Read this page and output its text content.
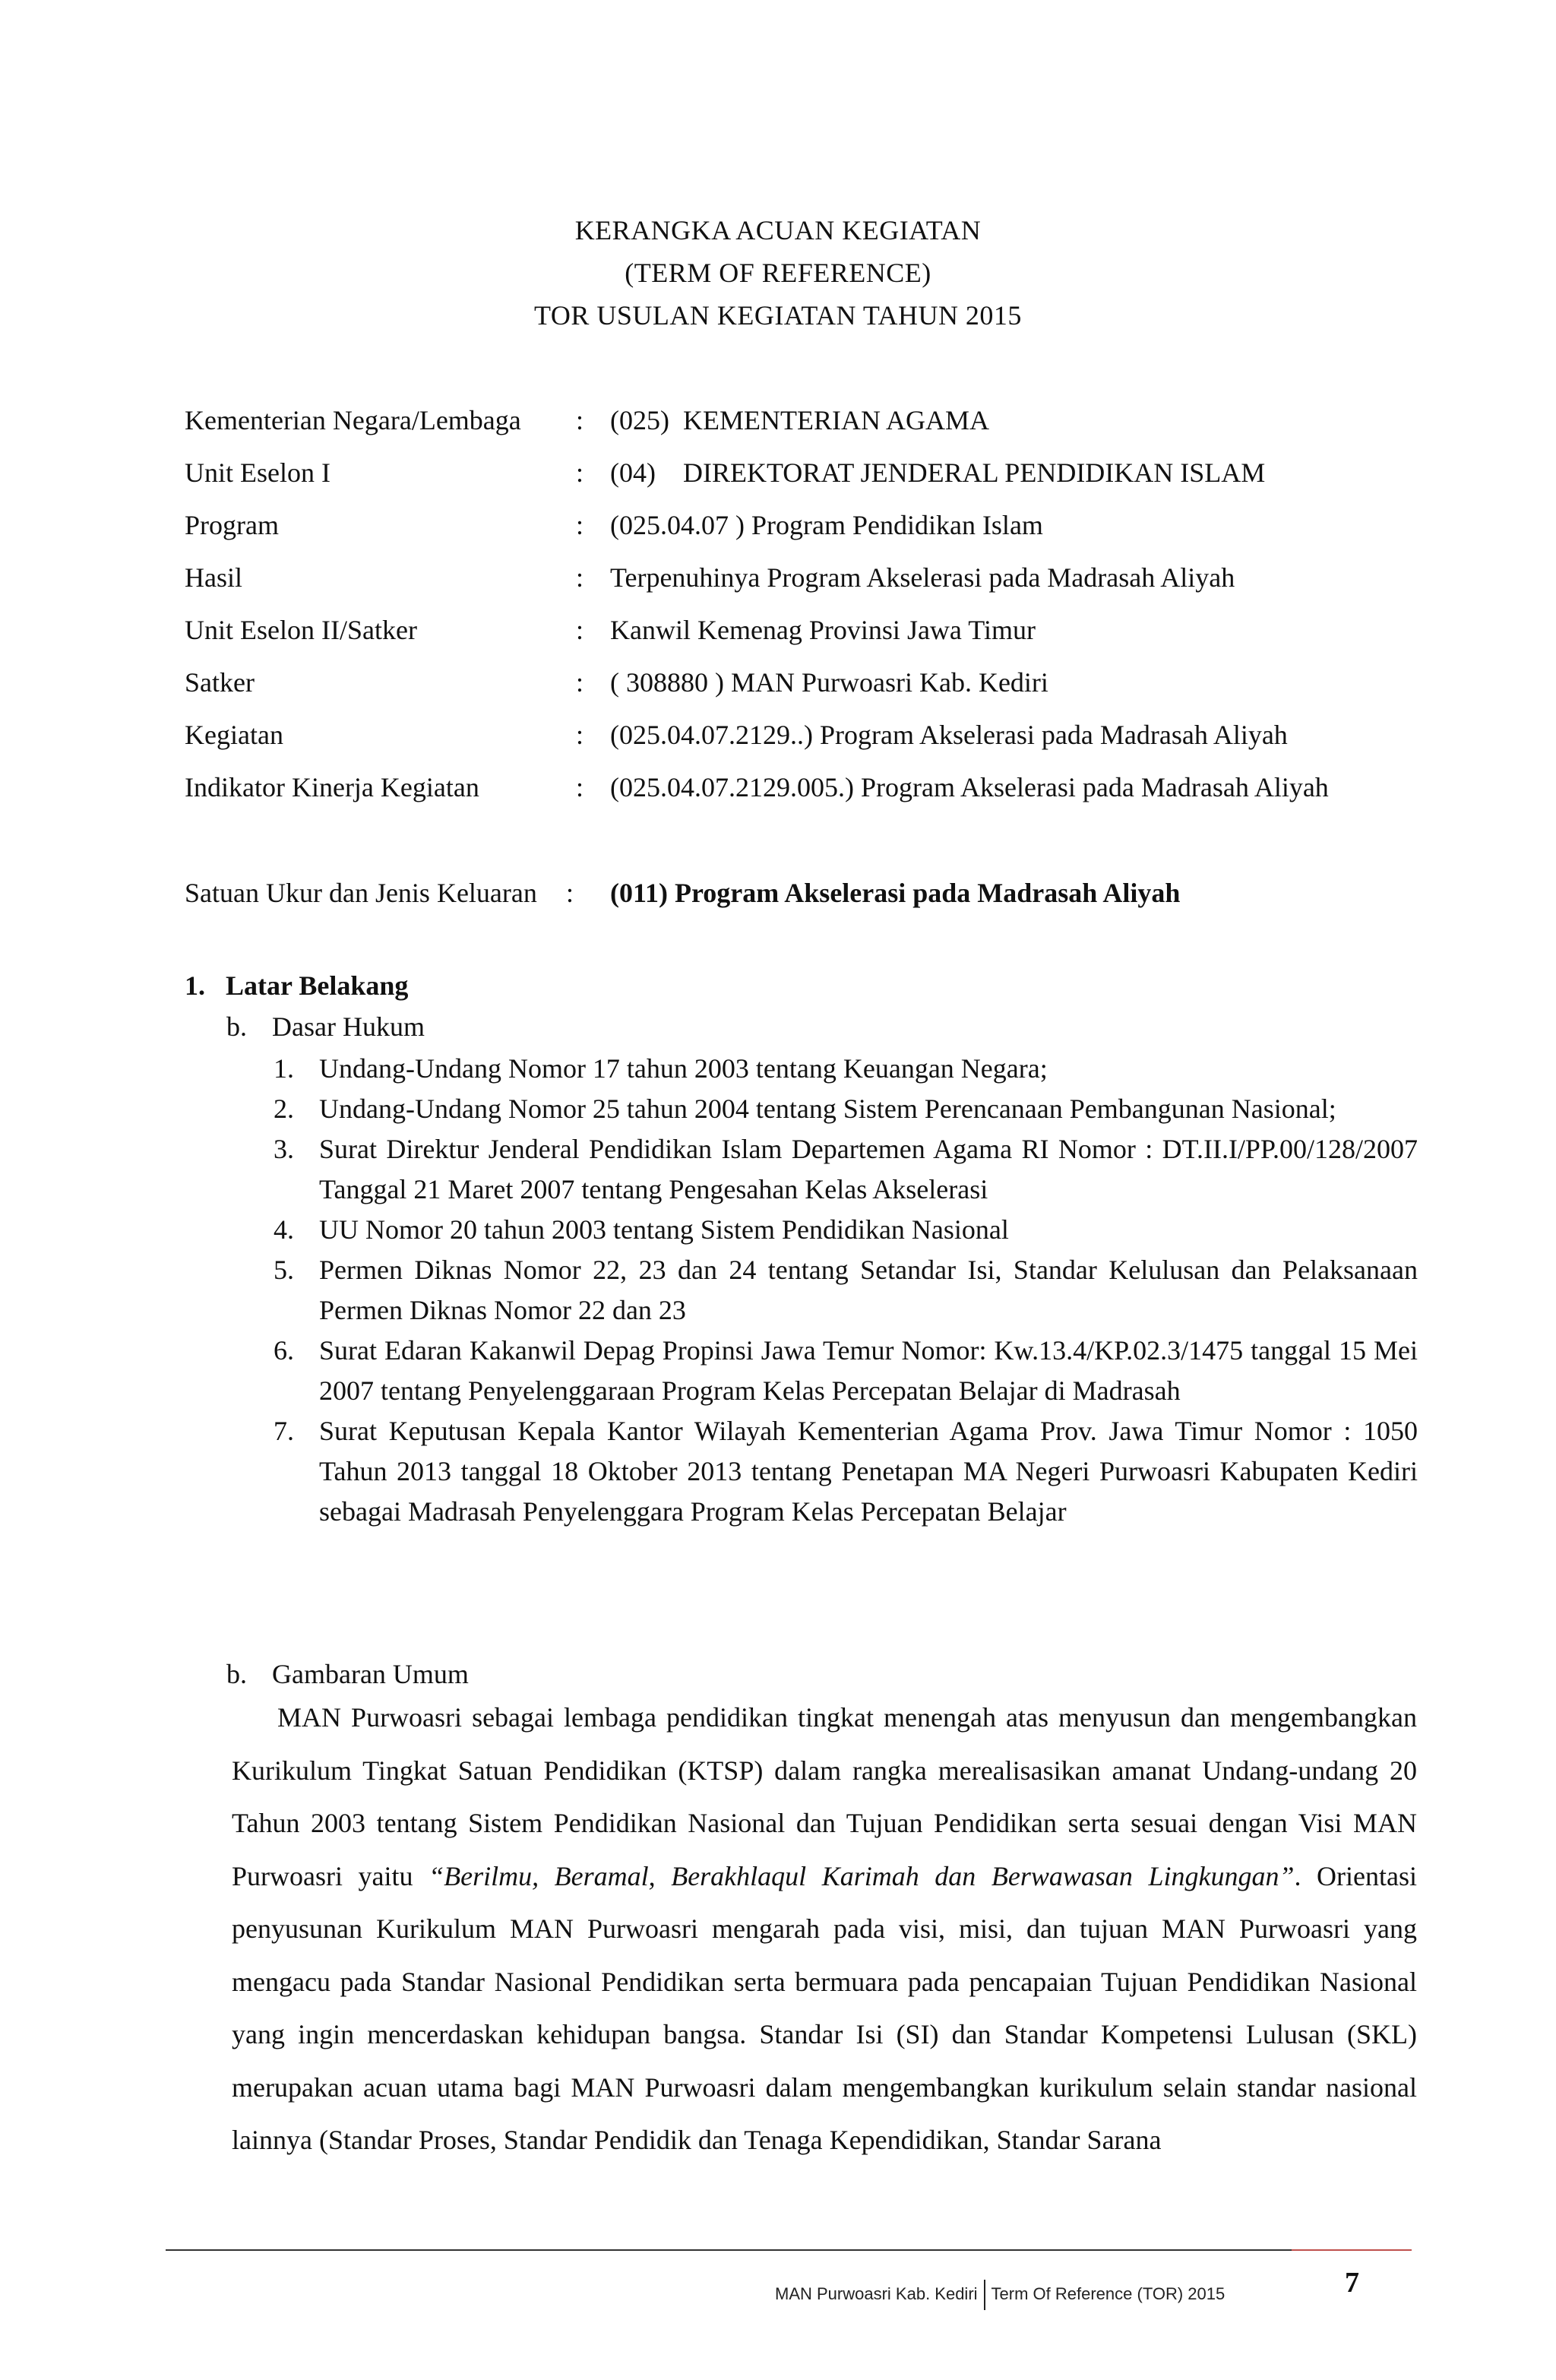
KERANGKA ACUAN KEGIATAN
(TERM OF REFERENCE)
TOR USULAN KEGIATAN TAHUN 2015
Kementerian Negara/Lembaga : (025)  KEMENTERIAN AGAMA
Unit Eselon I	: (04)    DIREKTORAT JENDERAL PENDIDIKAN ISLAM
Program	: (025.04.07 ) Program Pendidikan Islam
Hasil	: Terpenuhinya Program Akselerasi pada Madrasah Aliyah
Unit Eselon II/Satker	: Kanwil Kemenag Provinsi Jawa Timur
Satker	: ( 308880 ) MAN Purwoasri Kab. Kediri
Kegiatan	: (025.04.07.2129..) Program Akselerasi pada Madrasah Aliyah
Indikator Kinerja Kegiatan	: (025.04.07.2129.005.) Program Akselerasi pada Madrasah Aliyah
Satuan Ukur dan Jenis Keluaran : (011) Program Akselerasi pada Madrasah Aliyah
1. Latar Belakang
b. Dasar Hukum
1. Undang-Undang Nomor 17 tahun 2003 tentang Keuangan Negara;
2. Undang-Undang Nomor 25 tahun 2004 tentang Sistem Perencanaan Pembangunan Nasional;
3. Surat Direktur Jenderal Pendidikan Islam Departemen Agama RI Nomor : DT.II.I/PP.00/128/2007 Tanggal 21 Maret 2007 tentang Pengesahan Kelas Akselerasi
4. UU Nomor 20 tahun 2003 tentang Sistem Pendidikan Nasional
5. Permen Diknas Nomor 22, 23 dan 24 tentang Setandar Isi, Standar Kelulusan dan Pelaksanaan Permen Diknas Nomor 22 dan 23
6. Surat Edaran Kakanwil Depag Propinsi Jawa Temur Nomor: Kw.13.4/KP.02.3/1475 tanggal 15 Mei 2007 tentang Penyelenggaraan Program Kelas Percepatan Belajar di Madrasah
7. Surat Keputusan Kepala Kantor Wilayah Kementerian Agama Prov. Jawa Timur Nomor : 1050 Tahun 2013 tanggal 18 Oktober 2013 tentang Penetapan MA Negeri Purwoasri Kabupaten Kediri sebagai Madrasah Penyelenggara Program Kelas Percepatan Belajar
b. Gambaran Umum

MAN Purwoasri sebagai lembaga pendidikan tingkat menengah atas menyusun dan mengembangkan Kurikulum Tingkat Satuan Pendidikan (KTSP) dalam rangka merealisasikan amanat Undang-undang 20 Tahun 2003 tentang Sistem Pendidikan Nasional dan Tujuan Pendidikan serta sesuai dengan Visi MAN Purwoasri yaitu “Berilmu, Beramal, Berakhlaqul Karimah dan Berwawasan Lingkungan”. Orientasi penyusunan Kurikulum MAN Purwoasri mengarah pada visi, misi, dan tujuan MAN Purwoasri yang mengacu pada Standar Nasional Pendidikan serta bermuara pada pencapaian Tujuan Pendidikan Nasional yang ingin mencerdaskan kehidupan bangsa. Standar Isi (SI) dan Standar Kompetensi Lulusan (SKL) merupakan acuan utama bagi MAN Purwoasri dalam mengembangkan kurikulum selain standar nasional lainnya (Standar Proses, Standar Pendidik dan Tenaga Kependidikan, Standar Sarana

MAN Purwoasri Kab. Kediri Term Of Reference (TOR) 2015	7
